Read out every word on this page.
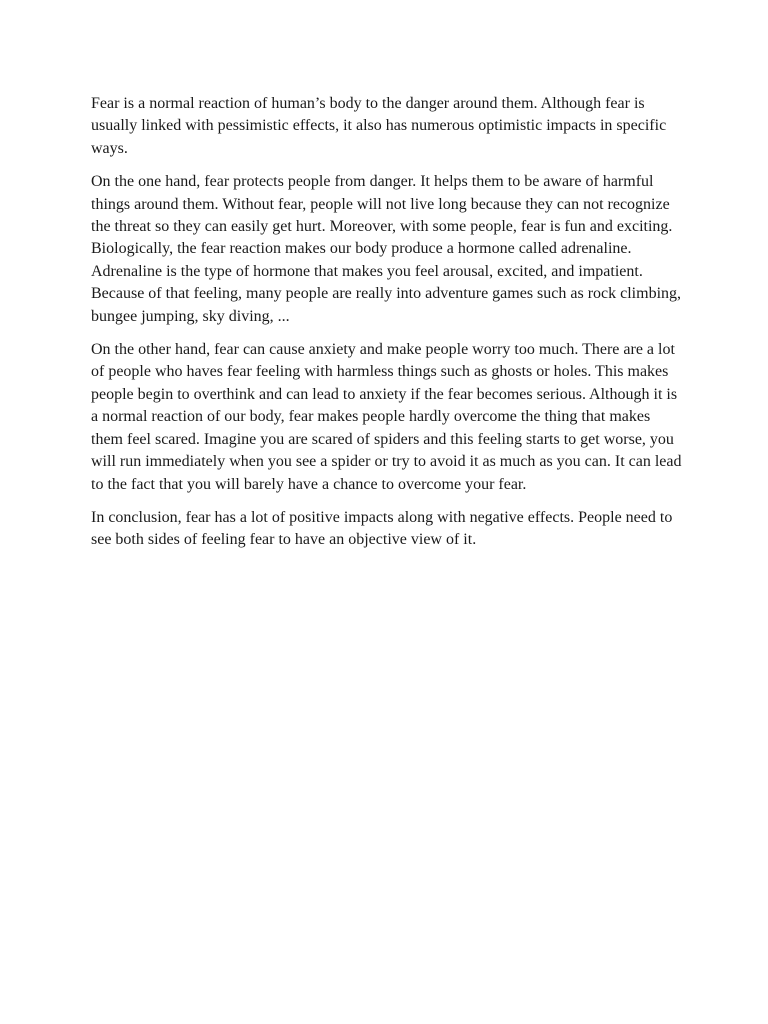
Fear is a normal reaction of human’s body to the danger around them. Although fear is usually linked with pessimistic effects, it also has numerous optimistic impacts in specific ways.

On the one hand, fear protects people from danger. It helps them to be aware of harmful things around them. Without fear, people will not live long because they can not recognize the threat so they can easily get hurt. Moreover, with some people, fear is fun and exciting. Biologically, the fear reaction makes our body produce a hormone called adrenaline. Adrenaline is the type of hormone that makes you feel arousal, excited, and impatient. Because of that feeling, many people are really into adventure games such as rock climbing, bungee jumping, sky diving, ...

On the other hand, fear can cause anxiety and make people worry too much. There are a lot of people who haves fear feeling with harmless things such as ghosts or holes. This makes people begin to overthink and can lead to anxiety if the fear becomes serious. Although it is a normal reaction of our body, fear makes people hardly overcome the thing that makes them feel scared. Imagine you are scared of spiders and this feeling starts to get worse, you will run immediately when you see a spider or try to avoid it as much as you can. It can lead to the fact that you will barely have a chance to overcome your fear.

In conclusion, fear has a lot of positive impacts along with negative effects. People need to see both sides of feeling fear to have an objective view of it.
